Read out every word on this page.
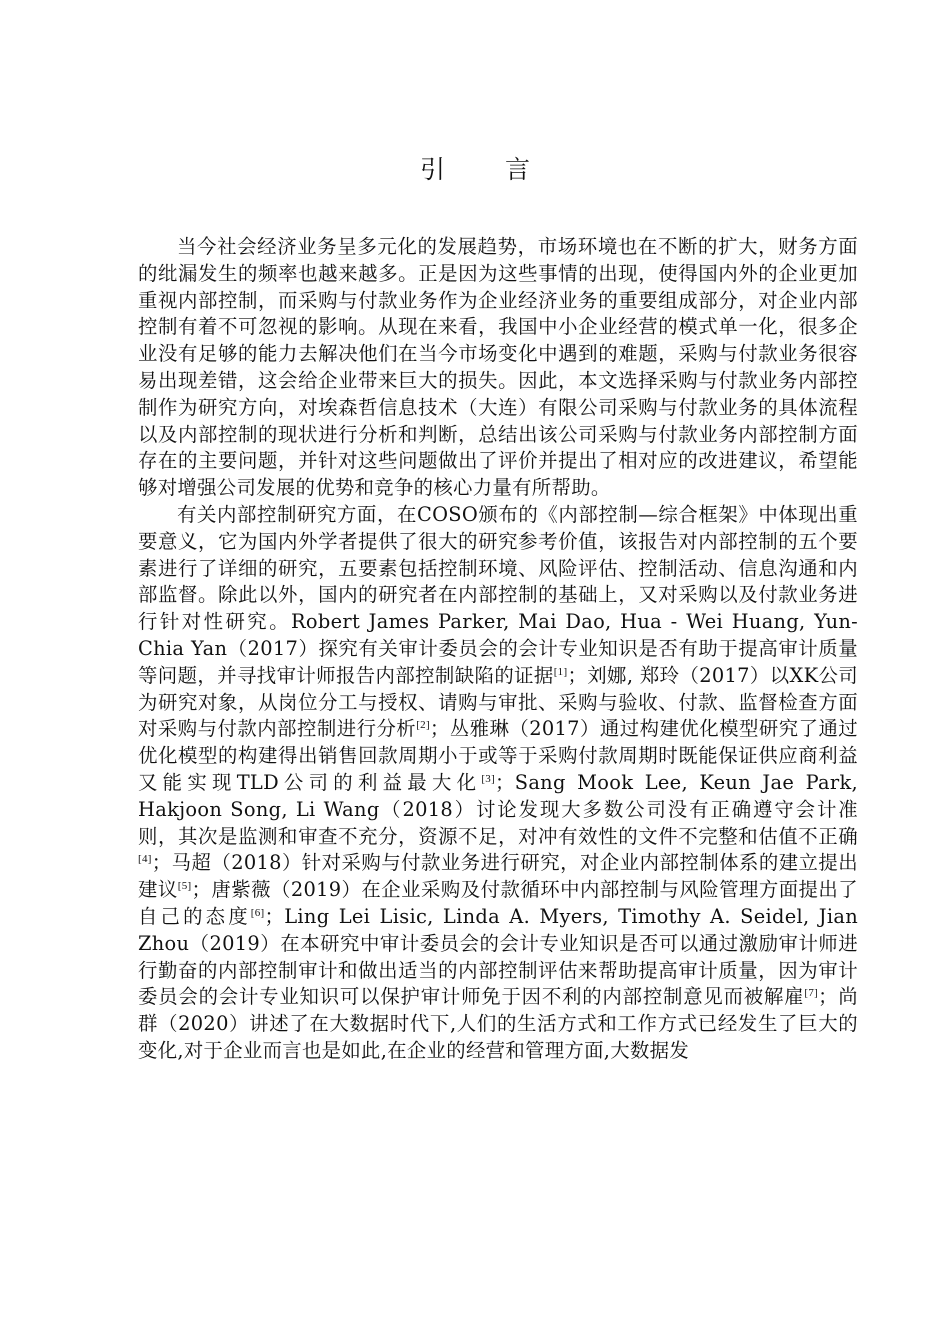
引 言

当今社会经济业务呈多元化的发展趋势，市场环境也在不断的扩大，财务方面的纰漏发生的频率也越来越多。正是因为这些事情的出现，使得国内外的企业更加重视内部控制，而采购与付款业务作为企业经济业务的重要组成部分，对企业内部控制有着不可忽视的影响。从现在来看，我国中小企业经营的模式单一化，很多企业没有足够的能力去解决他们在当今市场变化中遇到的难题，采购与付款业务很容易出现差错，这会给企业带来巨大的损失。因此，本文选择采购与付款业务内部控制作为研究方向，对埃森哲信息技术（大连）有限公司采购与付款业务的具体流程以及内部控制的现状进行分析和判断，总结出该公司采购与付款业务内部控制方面存在的主要问题，并针对这些问题做出了评价并提出了相对应的改进建议，希望能够对增强公司发展的优势和竞争的核心力量有所帮助。

有关内部控制研究方面，在COSO颁布的《内部控制—综合框架》中体现出重要意义，它为国内外学者提供了很大的研究参考价值，该报告对内部控制的五个要素进行了详细的研究，五要素包括控制环境、风险评估、控制活动、信息沟通和内部监督。除此以外，国内的研究者在内部控制的基础上，又对采购以及付款业务进行针对性研究。Robert James Parker, Mai Dao, Hua - Wei Huang, Yun-Chia Yan（2017）探究有关审计委员会的会计专业知识是否有助于提高审计质量等问题，并寻找审计师报告内部控制缺陷的证据[1]；刘娜, 郑玲（2017）以XK公司为研究对象，从岗位分工与授权、请购与审批、采购与验收、付款、监督检查方面对采购与付款内部控制进行分析[2]；丛雅琳（2017）通过构建优化模型研究了通过优化模型的构建得出销售回款周期小于或等于采购付款周期时既能保证供应商利益又能实现TLD公司的利益最大化[3]；Sang Mook Lee, Keun Jae Park, Hakjoon Song, Li Wang（2018）讨论发现大多数公司没有正确遵守会计准则，其次是监测和审查不充分，资源不足，对冲有效性的文件不完整和估值不正确[4]；马超（2018）针对采购与付款业务进行研究，对企业内部控制体系的建立提出建议[5]；唐紫薇（2019）在企业采购及付款循环中内部控制与风险管理方面提出了自己的态度[6]；Ling Lei Lisic, Linda A. Myers, Timothy A. Seidel, Jian Zhou（2019）在本研究中审计委员会的会计专业知识是否可以通过激励审计师进行勤奋的内部控制审计和做出适当的内部控制评估来帮助提高审计质量，因为审计委员会的会计专业知识可以保护审计师免于因不利的内部控制意见而被解雇[7]；尚群（2020）讲述了在大数据时代下,人们的生活方式和工作方式已经发生了巨大的变化,对于企业而言也是如此,在企业的经营和管理方面,大数据发
